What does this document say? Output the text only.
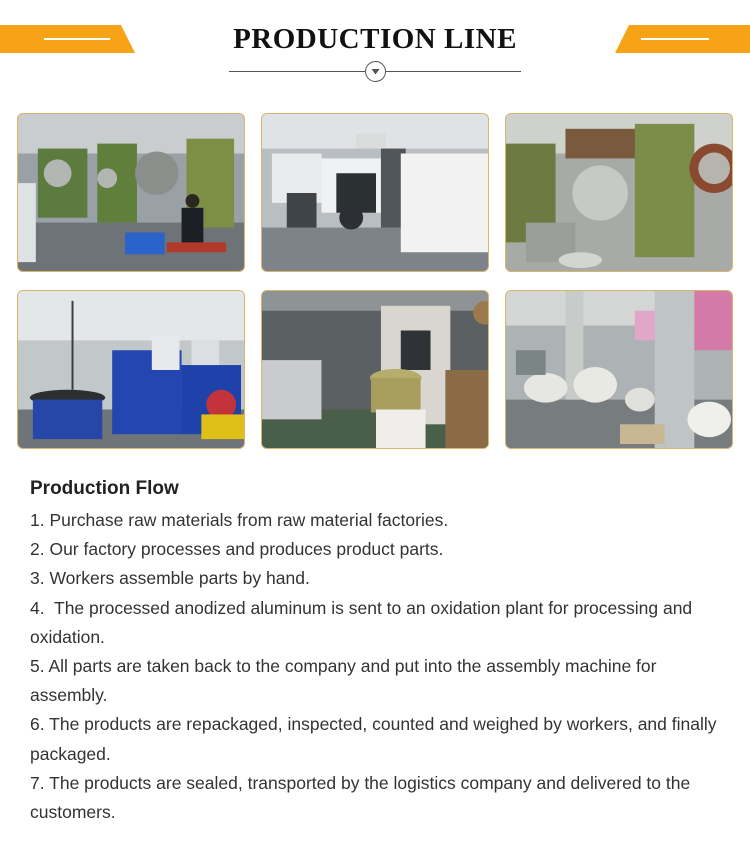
PRODUCTION LINE
Production Flow
1. Purchase raw materials from raw material factories.
2. Our factory processes and produces product parts.
3. Workers assemble parts by hand.
4.  The processed anodized aluminum is sent to an oxidation plant for processing and oxidation.
5. All parts are taken back to the company and put into the assembly machine for assembly.
6. The products are repackaged, inspected, counted and weighed by workers, and finally packaged.
7. The products are sealed, transported by the logistics company and delivered to the customers.
